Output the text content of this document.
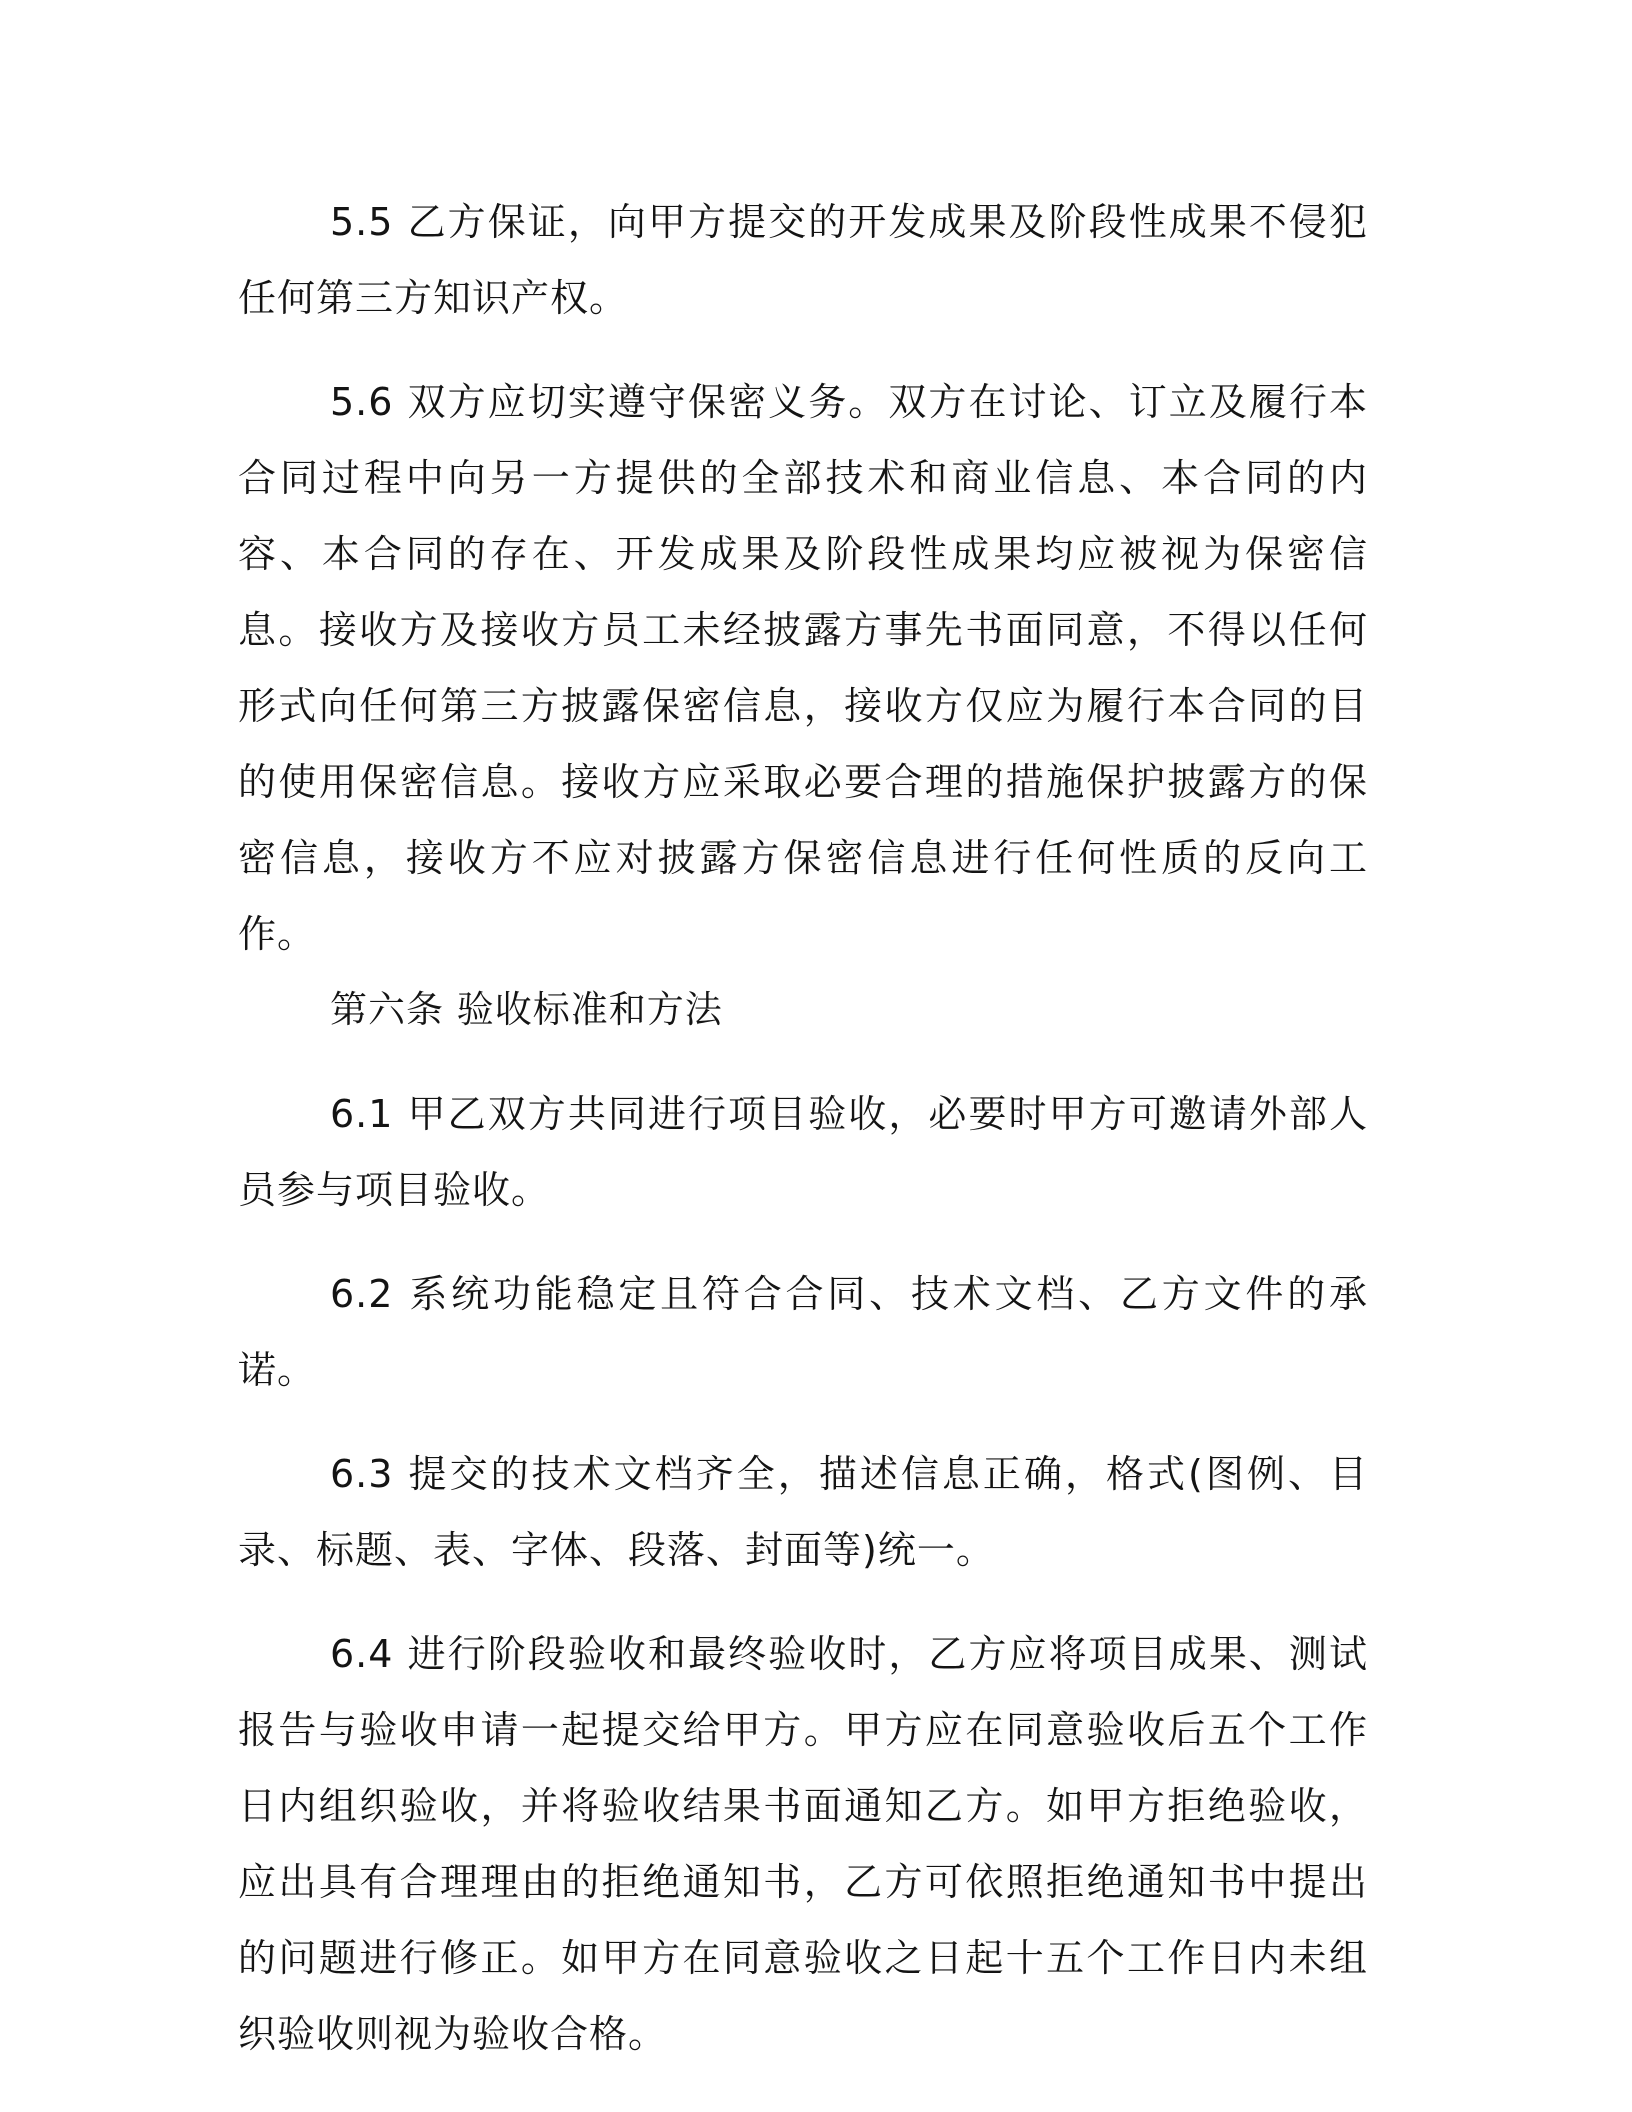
5.5 乙方保证，向甲方提交的开发成果及阶段性成果不侵犯任何第三方知识产权。

5.6 双方应切实遵守保密义务。双方在讨论、订立及履行本合同过程中向另一方提供的全部技术和商业信息、本合同的内容、本合同的存在、开发成果及阶段性成果均应被视为保密信息。接收方及接收方员工未经披露方事先书面同意，不得以任何形式向任何第三方披露保密信息，接收方仅应为履行本合同的目的使用保密信息。接收方应采取必要合理的措施保护披露方的保密信息，接收方不应对披露方保密信息进行任何性质的反向工作。

第六条 验收标准和方法

6.1 甲乙双方共同进行项目验收，必要时甲方可邀请外部人员参与项目验收。

6.2 系统功能稳定且符合合同、技术文档、乙方文件的承诺。

6.3 提交的技术文档齐全，描述信息正确，格式(图例、目录、标题、表、字体、段落、封面等)统一。

6.4 进行阶段验收和最终验收时，乙方应将项目成果、测试报告与验收申请一起提交给甲方。甲方应在同意验收后五个工作日内组织验收，并将验收结果书面通知乙方。如甲方拒绝验收，应出具有合理理由的拒绝通知书，乙方可依照拒绝通知书中提出的问题进行修正。如甲方在同意验收之日起十五个工作日内未组织验收则视为验收合格。
